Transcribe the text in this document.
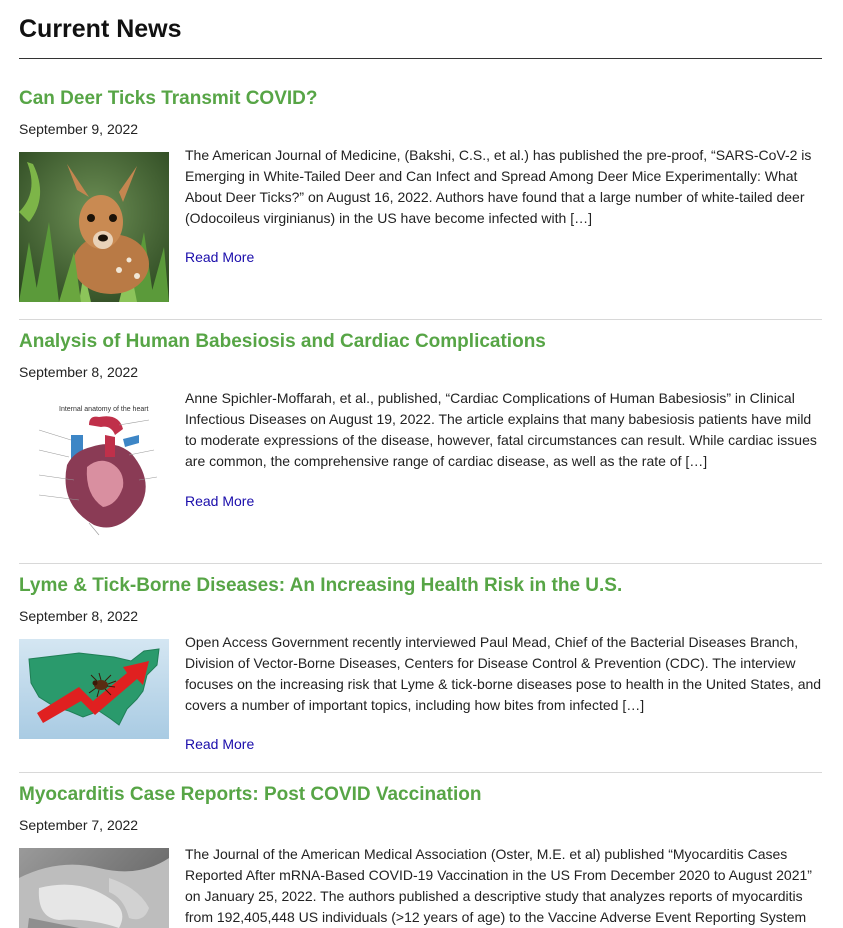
Current News
Can Deer Ticks Transmit COVID?
September 9, 2022

The American Journal of Medicine, (Bakshi, C.S., et al.) has published the pre-proof, “SARS-CoV-2 is Emerging in White-Tailed Deer and Can Infect and Spread Among Deer Mice Experimentally: What About Deer Ticks?” on August 16, 2022. Authors have found that a large number of white-tailed deer (Odocoileus virginianus) in the US have become infected with […]

Read More
Analysis of Human Babesiosis and Cardiac Complications
September 8, 2022
Internal anatomy of the heart

Anne Spichler-Moffarah, et al., published, “Cardiac Complications of Human Babesiosis” in Clinical Infectious Diseases on August 19, 2022. The article explains that many babesiosis patients have mild to moderate expressions of the disease, however, fatal circumstances can result. While cardiac issues are common, the comprehensive range of cardiac disease, as well as the rate of […]

Read More
Lyme & Tick-Borne Diseases: An Increasing Health Risk in the U.S.
September 8, 2022

Open Access Government recently interviewed Paul Mead, Chief of the Bacterial Diseases Branch, Division of Vector-Borne Diseases, Centers for Disease Control & Prevention (CDC). The interview focuses on the increasing risk that Lyme & tick-borne diseases pose to health in the United States, and covers a number of important topics, including how bites from infected […]

Read More
Myocarditis Case Reports: Post COVID Vaccination
September 7, 2022

The Journal of the American Medical Association (Oster, M.E. et al) published “Myocarditis Cases Reported After mRNA-Based COVID-19 Vaccination in the US From December 2020 to August 2021” on January 25, 2022. The authors published a descriptive study that analyzes reports of myocarditis from 192,405,448 US individuals (>12 years of age) to the Vaccine Adverse Event Reporting System
